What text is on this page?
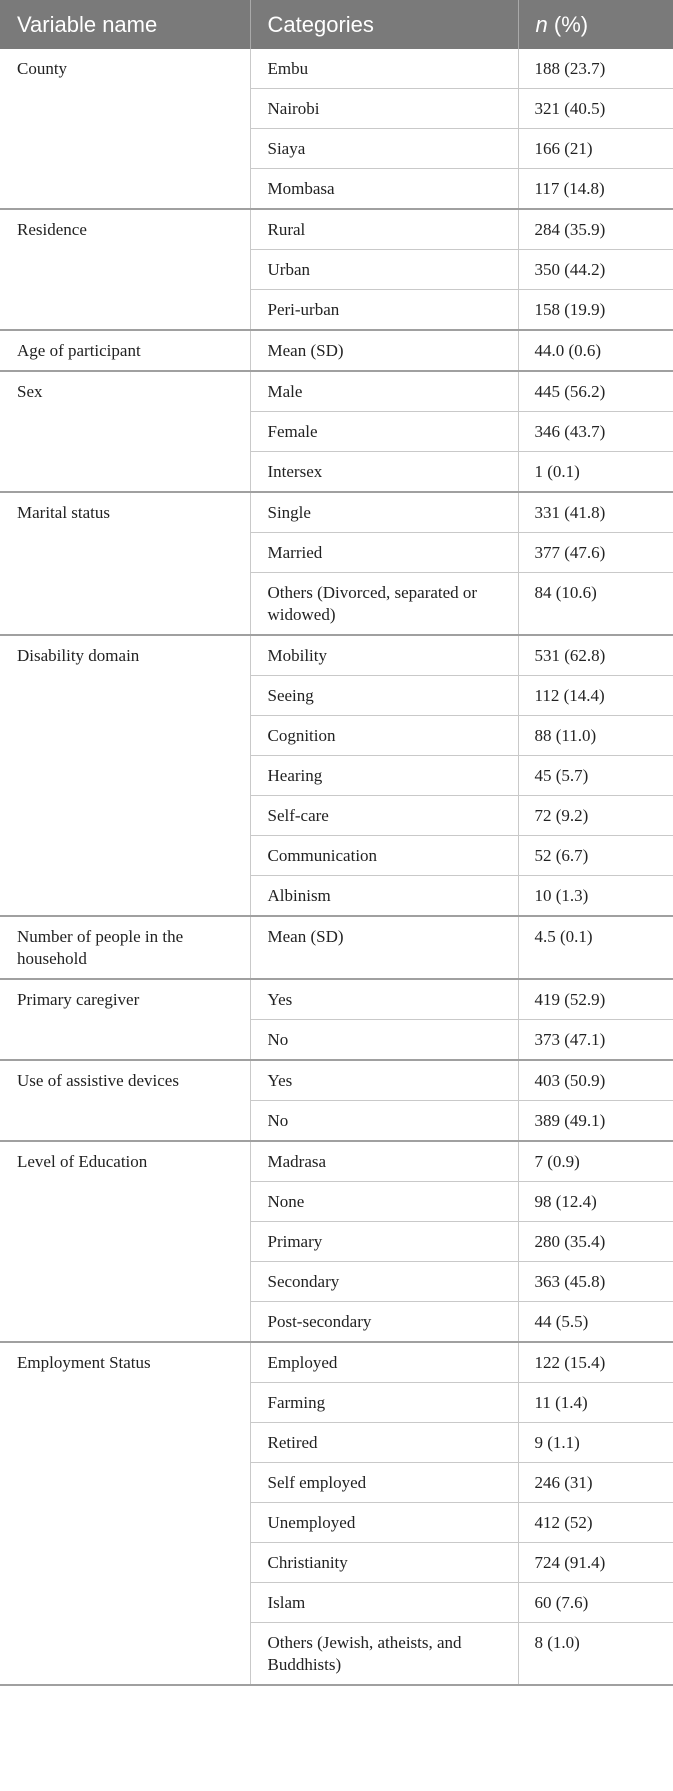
Variable name	Categories	n (%)
County	Embu	188 (23.7)
	Nairobi	321 (40.5)
	Siaya	166 (21)
	Mombasa	117 (14.8)
Residence	Rural	284 (35.9)
	Urban	350 (44.2)
	Peri-urban	158 (19.9)
Age of participant	Mean (SD)	44.0 (0.6)
Sex	Male	445 (56.2)
	Female	346 (43.7)
	Intersex	1 (0.1)
Marital status	Single	331 (41.8)
	Married	377 (47.6)
	Others (Divorced, separated or widowed)	84 (10.6)
Disability domain	Mobility	531 (62.8)
	Seeing	112 (14.4)
	Cognition	88 (11.0)
	Hearing	45 (5.7)
	Self-care	72 (9.2)
	Communication	52 (6.7)
	Albinism	10 (1.3)
Number of people in the household	Mean (SD)	4.5 (0.1)
Primary caregiver	Yes	419 (52.9)
	No	373 (47.1)
Use of assistive devices	Yes	403 (50.9)
	No	389 (49.1)
Level of Education	Madrasa	7 (0.9)
	None	98 (12.4)
	Primary	280 (35.4)
	Secondary	363 (45.8)
	Post-secondary	44 (5.5)
Employment Status	Employed	122 (15.4)
	Farming	11 (1.4)
	Retired	9 (1.1)
	Self employed	246 (31)
	Unemployed	412 (52)
	Christianity	724 (91.4)
	Islam	60 (7.6)
	Others (Jewish, atheists, and Buddhists)	8 (1.0)
